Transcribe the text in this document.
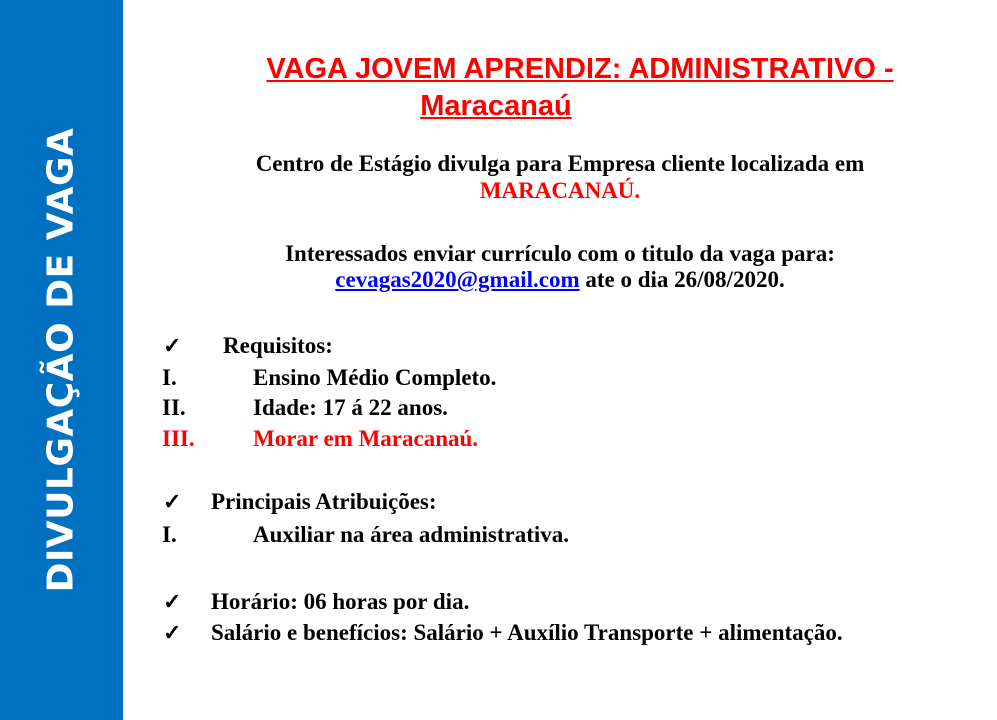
DIVULGAÇÃO DE VAGA
VAGA JOVEM APRENDIZ: ADMINISTRATIVO -
Maracanaú
Centro de Estágio divulga para Empresa cliente localizada em
MARACANAÚ.
Interessados enviar currículo com o titulo da vaga para:
cevagas2020@gmail.com ate o dia 26/08/2020.
✓ Requisitos:
I.	Ensino Médio Completo.
II.	Idade: 17 á 22 anos.
III.	Morar em Maracanaú.
✓ Principais Atribuições:
I.	Auxiliar na área administrativa.
✓ Horário: 06 horas por dia.
✓ Salário e benefícios: Salário + Auxílio Transporte + alimentação.
